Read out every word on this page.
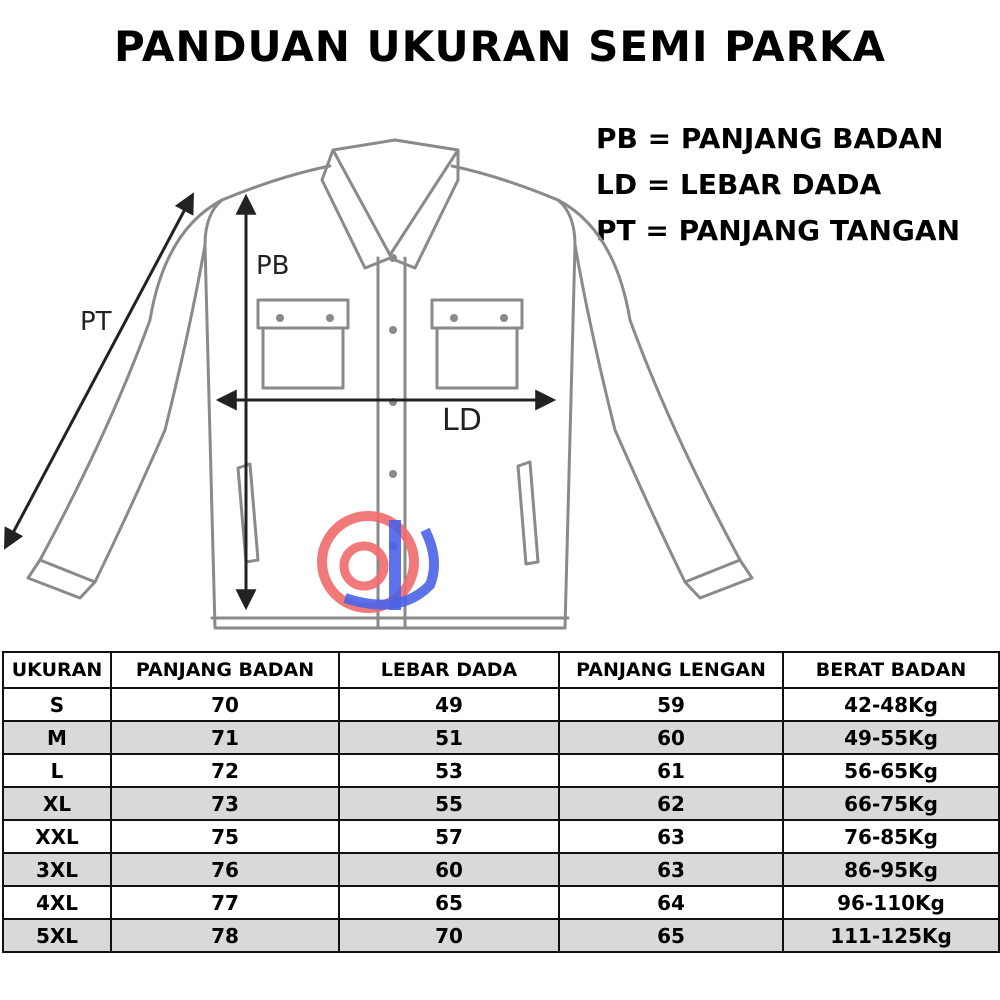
PANDUAN UKURAN SEMI PARKA
PB = PANJANG BADAN
LD = LEBAR DADA
PT = PANJANG TANGAN
PT
PB
LD
UKURAN	PANJANG BADAN	LEBAR DADA	PANJANG LENGAN	BERAT BADAN
S	70	49	59	42-48Kg
M	71	51	60	49-55Kg
L	72	53	61	56-65Kg
XL	73	55	62	66-75Kg
XXL	75	57	63	76-85Kg
3XL	76	60	63	86-95Kg
4XL	77	65	64	96-110Kg
5XL	78	70	65	111-125Kg
